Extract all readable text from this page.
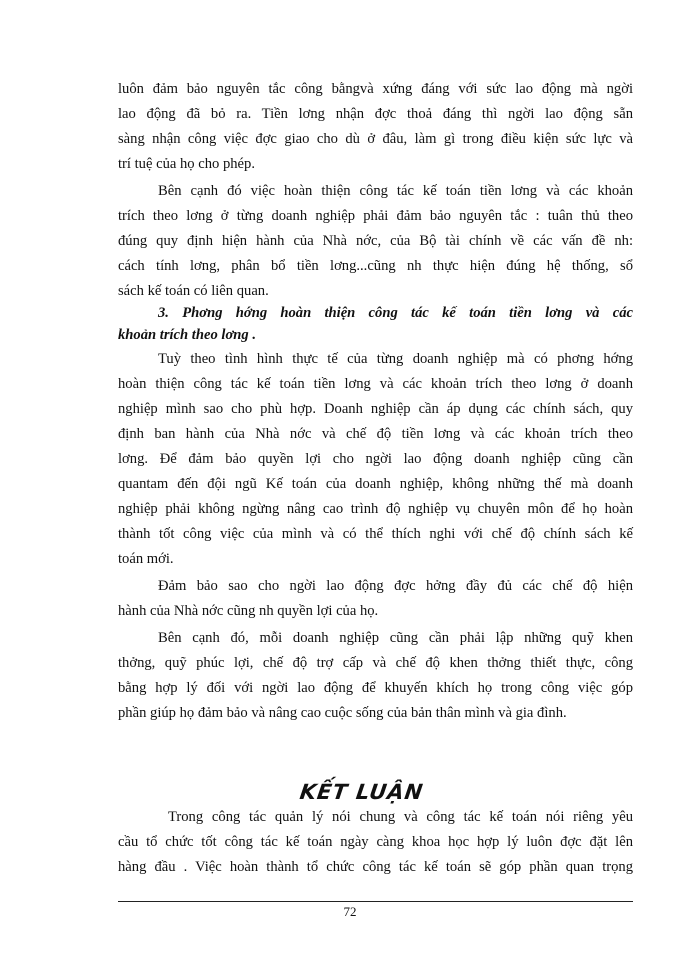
luôn đảm bảo nguyên tắc công bằngvà xứng đáng với sức lao động mà ngời
lao động đã bỏ ra. Tiền lơng nhận đợc thoả đáng thì ngời lao động sẵn
sàng nhận công việc đợc giao cho dù ở đâu, làm gì trong điều kiện sức lực và
trí tuệ của họ cho phép.
Bên cạnh đó việc hoàn thiện công tác kế toán tiền lơng và các khoản
trích theo lơng ở từng doanh nghiệp phải đảm bảo nguyên tắc : tuân thủ theo
đúng quy định hiện hành của Nhà nớc, của Bộ tài chính về các vấn đề nh:
cách tính lơng, phân bổ tiền lơng...cũng nh thực hiện đúng hệ thống, sổ
sách kế toán có liên quan.
3. Phơng hớng hoàn thiện công tác kế toán tiền lơng và các
khoản trích theo lơng .
Tuỳ theo tình hình thực tế của từng doanh nghiệp mà có phơng hớng
hoàn thiện công tác kế toán tiền lơng và các khoản trích theo lơng ở doanh
nghiệp mình sao cho phù hợp. Doanh nghiệp cần áp dụng các chính sách, quy
định ban hành của Nhà nớc và chế độ tiền lơng và các khoản trích theo
lơng. Để đảm bảo quyền lợi cho ngời lao động doanh nghiệp cũng cần
quantam đến đội ngũ Kế toán của doanh nghiệp, không những thế mà doanh
nghiệp phải không ngừng nâng cao trình độ nghiệp vụ chuyên môn để họ hoàn
thành tốt công việc của mình và có thể thích nghi với chế độ chính sách kế
toán mới.
Đảm bảo sao cho ngời lao động đợc hởng đầy đủ các chế độ hiện
hành của Nhà nớc cũng nh quyền lợi của họ.
Bên cạnh đó, mỗi doanh nghiệp cũng cần phải lập những quỹ khen
thởng, quỹ phúc lợi, chế độ trợ cấp và chế độ khen thởng thiết thực, công
bằng hợp lý đối với ngời lao động để khuyến khích họ trong công việc góp
phần giúp họ đảm bảo và nâng cao cuộc sống của bản thân mình và gia đình.
KẾT LUẬN
Trong công tác quản lý nói chung và công tác kế toán nói riêng yêu
cầu tổ chức tốt công tác kế toán ngày càng khoa học hợp lý luôn đợc đặt lên
hàng đầu . Việc hoàn thành tổ chức công tác kế toán sẽ góp phần quan trọng
72
